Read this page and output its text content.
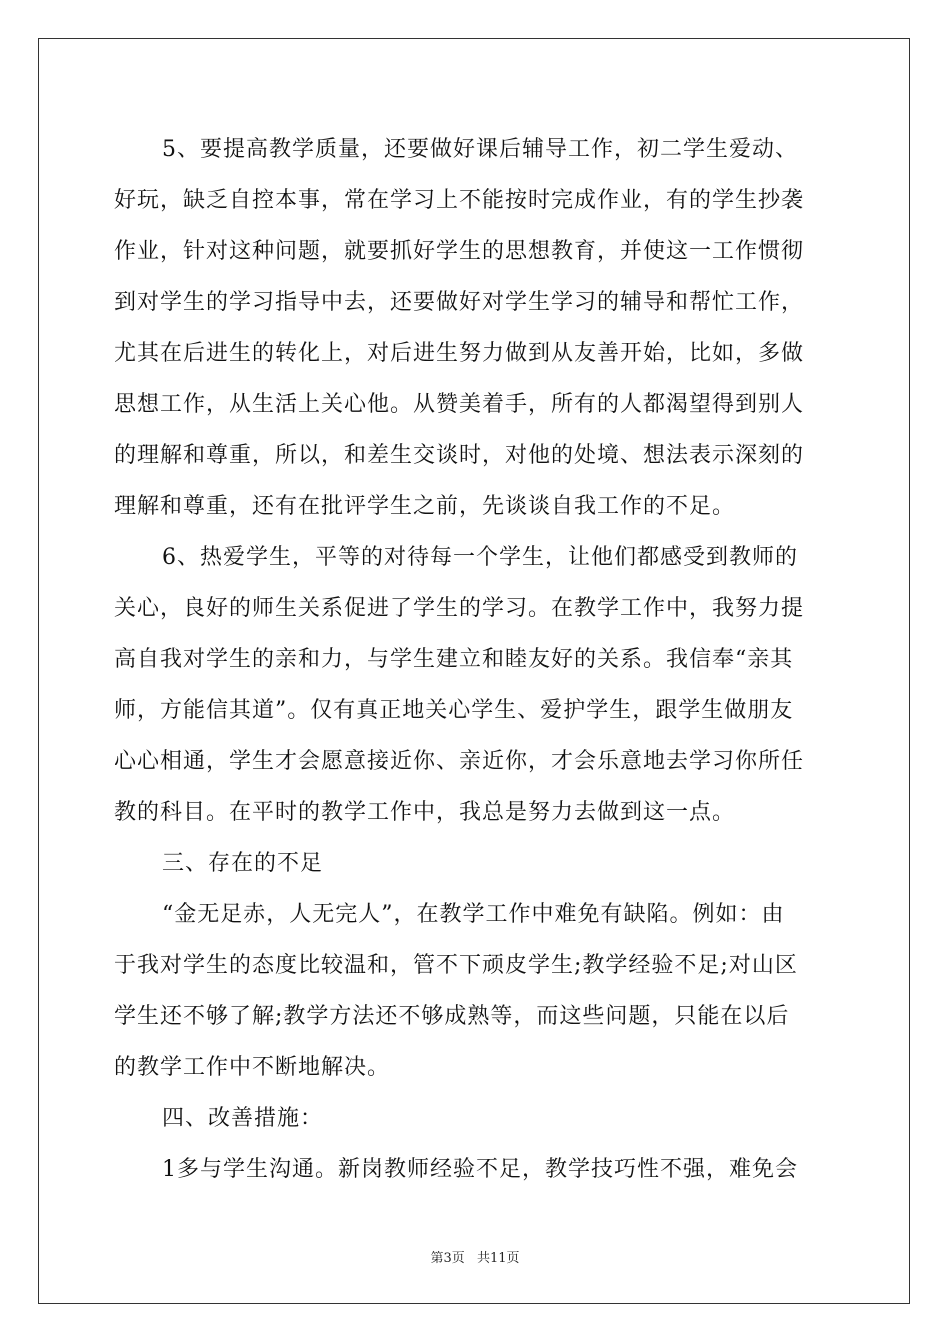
5、要提高教学质量，还要做好课后辅导工作，初二学生爱动、
好玩，缺乏自控本事，常在学习上不能按时完成作业，有的学生抄袭
作业，针对这种问题，就要抓好学生的思想教育，并使这一工作惯彻
到对学生的学习指导中去，还要做好对学生学习的辅导和帮忙工作，
尤其在后进生的转化上，对后进生努力做到从友善开始，比如，多做
思想工作，从生活上关心他。从赞美着手，所有的人都渴望得到别人
的理解和尊重，所以，和差生交谈时，对他的处境、想法表示深刻的
理解和尊重，还有在批评学生之前，先谈谈自我工作的不足。
6、热爱学生，平等的对待每一个学生，让他们都感受到教师的
关心，良好的师生关系促进了学生的学习。在教学工作中，我努力提
高自我对学生的亲和力，与学生建立和睦友好的关系。我信奉“亲其
师，方能信其道”。仅有真正地关心学生、爱护学生，跟学生做朋友
心心相通，学生才会愿意接近你、亲近你，才会乐意地去学习你所任
教的科目。在平时的教学工作中，我总是努力去做到这一点。
三、存在的不足
“金无足赤，人无完人”，在教学工作中难免有缺陷。例如：由
于我对学生的态度比较温和，管不下顽皮学生;教学经验不足;对山区
学生还不够了解;教学方法还不够成熟等，而这些问题，只能在以后
的教学工作中不断地解决。
四、改善措施：
1多与学生沟通。新岗教师经验不足，教学技巧性不强，难免会
第3页 共11页
